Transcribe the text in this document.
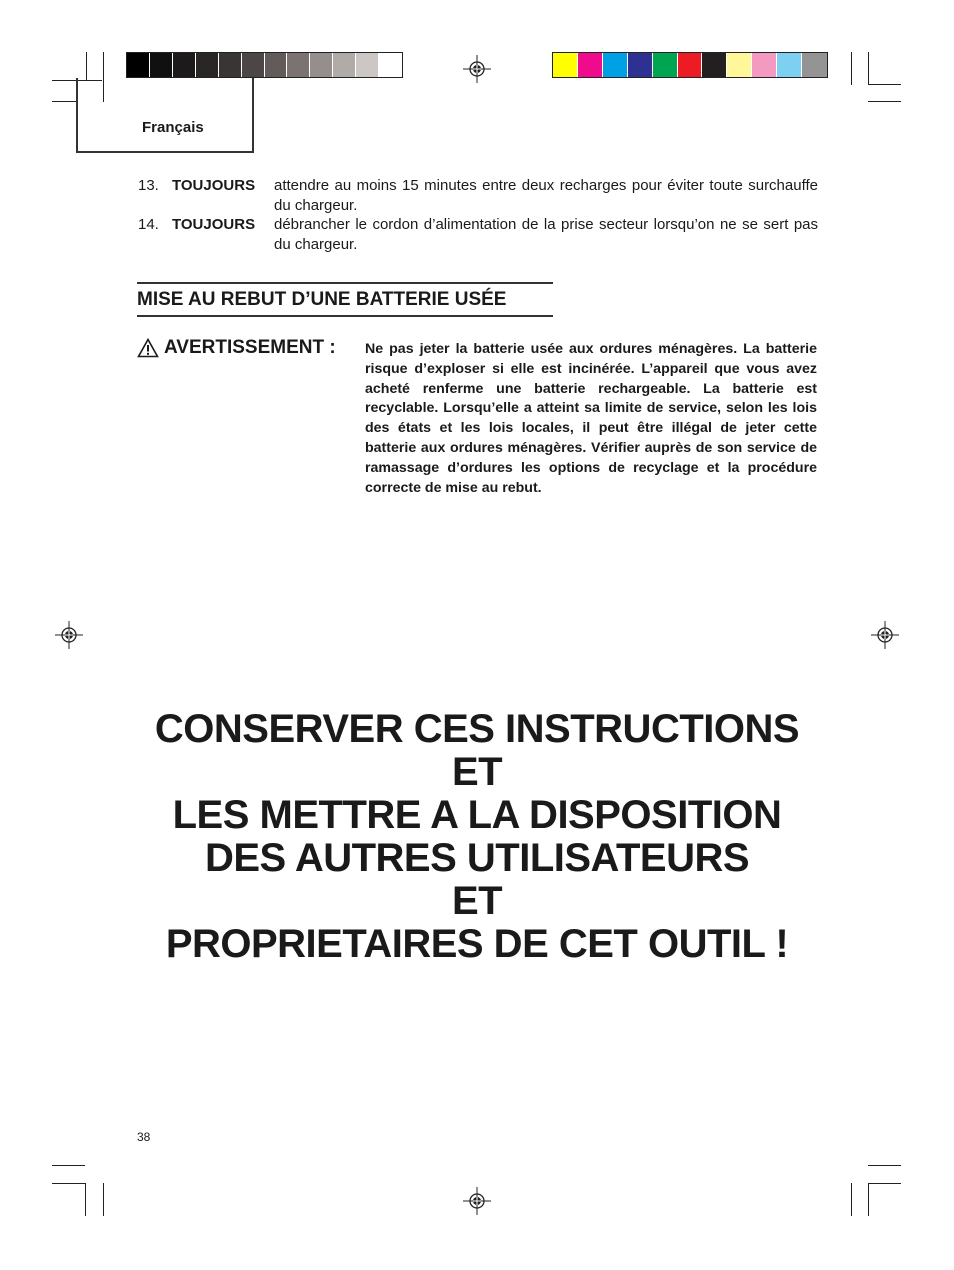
Français
13. TOUJOURS attendre au moins 15 minutes entre deux recharges pour éviter toute surchauffe du chargeur.
14. TOUJOURS débrancher le cordon d’alimentation de la prise secteur lorsqu’on ne se sert pas du chargeur.
MISE AU REBUT D’UNE BATTERIE USÉE
AVERTISSEMENT : Ne pas jeter la batterie usée aux ordures ménagères. La batterie risque d’exploser si elle est incinérée. L’appareil que vous avez acheté renferme une batterie rechargeable. La batterie est recyclable. Lorsqu’elle a atteint sa limite de service, selon les lois des états et les lois locales, il peut être illégal de jeter cette batterie aux ordures ménagères. Vérifier auprès de son service de ramassage d’ordures les options de recyclage et la procédure correcte de mise au rebut.
CONSERVER CES INSTRUCTIONS
ET
LES METTRE A LA DISPOSITION
DES AUTRES UTILISATEURS
ET
PROPRIETAIRES DE CET OUTIL !
38
